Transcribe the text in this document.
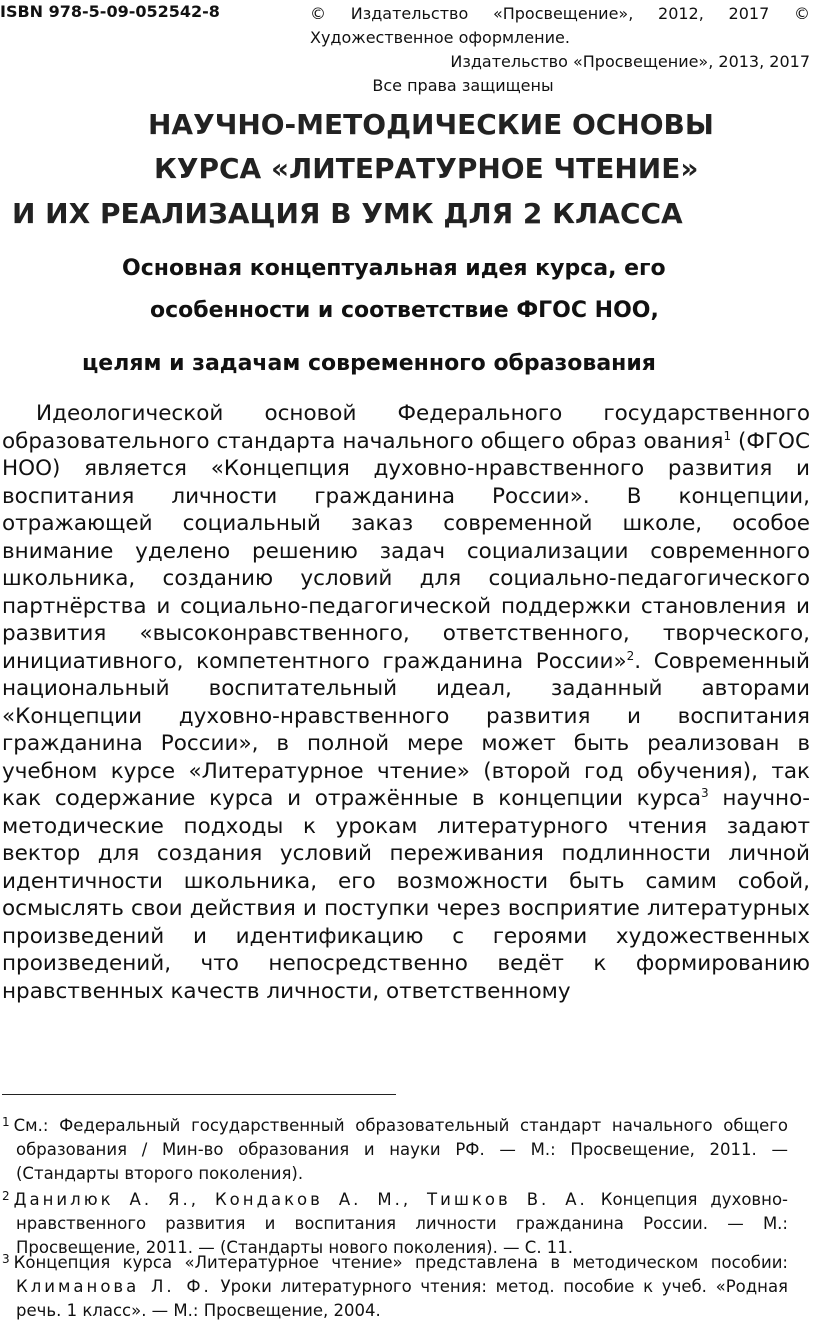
ISBN 978-5-09-052542-8	© Издательство «Просвещение», 2012, 2017 © Художественное оформление.
Издательство «Просвещение», 2013, 2017
Все права защищены
НАУЧНО-МЕТОДИЧЕСКИЕ ОСНОВЫ
КУРСА «ЛИТЕРАТУРНОЕ ЧТЕНИЕ»
И ИХ РЕАЛИЗАЦИЯ В УМК ДЛЯ 2 КЛАССА
Основная концептуальная идея курса, его
особенности и соответствие ФГОС НОО,
целям и задачам современного образования
Идеологической основой Федерального государственного образовательного стандарта начального общего образ ования$^1$ (ФГОС НОО) является «Концепция духовно-нравственного развития и воспитания личности гражданина России». В концепции, отражающей социальный заказ современной школе, особое внимание уделено решению задач социализации современного школьника, созданию условий для социально-педагогического партнёрства и социально-педагогической поддержки становления и развития «высоконравственного, ответственного, творческого, инициативного, компетентного гражданина России»$^2$. Современный национальный воспитательный идеал, заданный авторами «Концепции духовно-нравственного развития и воспитания гражданина России», в полной мере может быть реализован в учебном курсе «Литературное чтение» (второй год обучения), так как содержание курса и отражённые в концепции курса$^3$ научно-методические подходы к урокам литературного чтения задают вектор для создания условий переживания подлинности личной идентичности школьника, его возможности быть самим собой, осмыслять свои действия и поступки через восприятие литературных произведений и идентификацию с героями художественных произведений, что непосредственно ведёт к формированию нравственных качеств личности, ответственному
$^1$ См.: Федеральный государственный образовательный стандарт начального общего образования / Мин-во образования и науки РФ. — М.: Просвещение, 2011. — (Стандарты второго поколения).
$^2$ Данилюк А. Я., Кондаков А. М., Тишков В. А. Концепция духовно-нравственного развития и воспитания личности гражданина России. — М.: Просвещение, 2011. — (Стандарты нового поколения). — С. 11.
$^3$ Концепция курса «Литературное чтение» представлена в методическом пособии: Климанова Л. Ф. Уроки литературного чтения: метод. пособие к учеб. «Родная речь. 1 класс». — М.: Просвещение, 2004.
